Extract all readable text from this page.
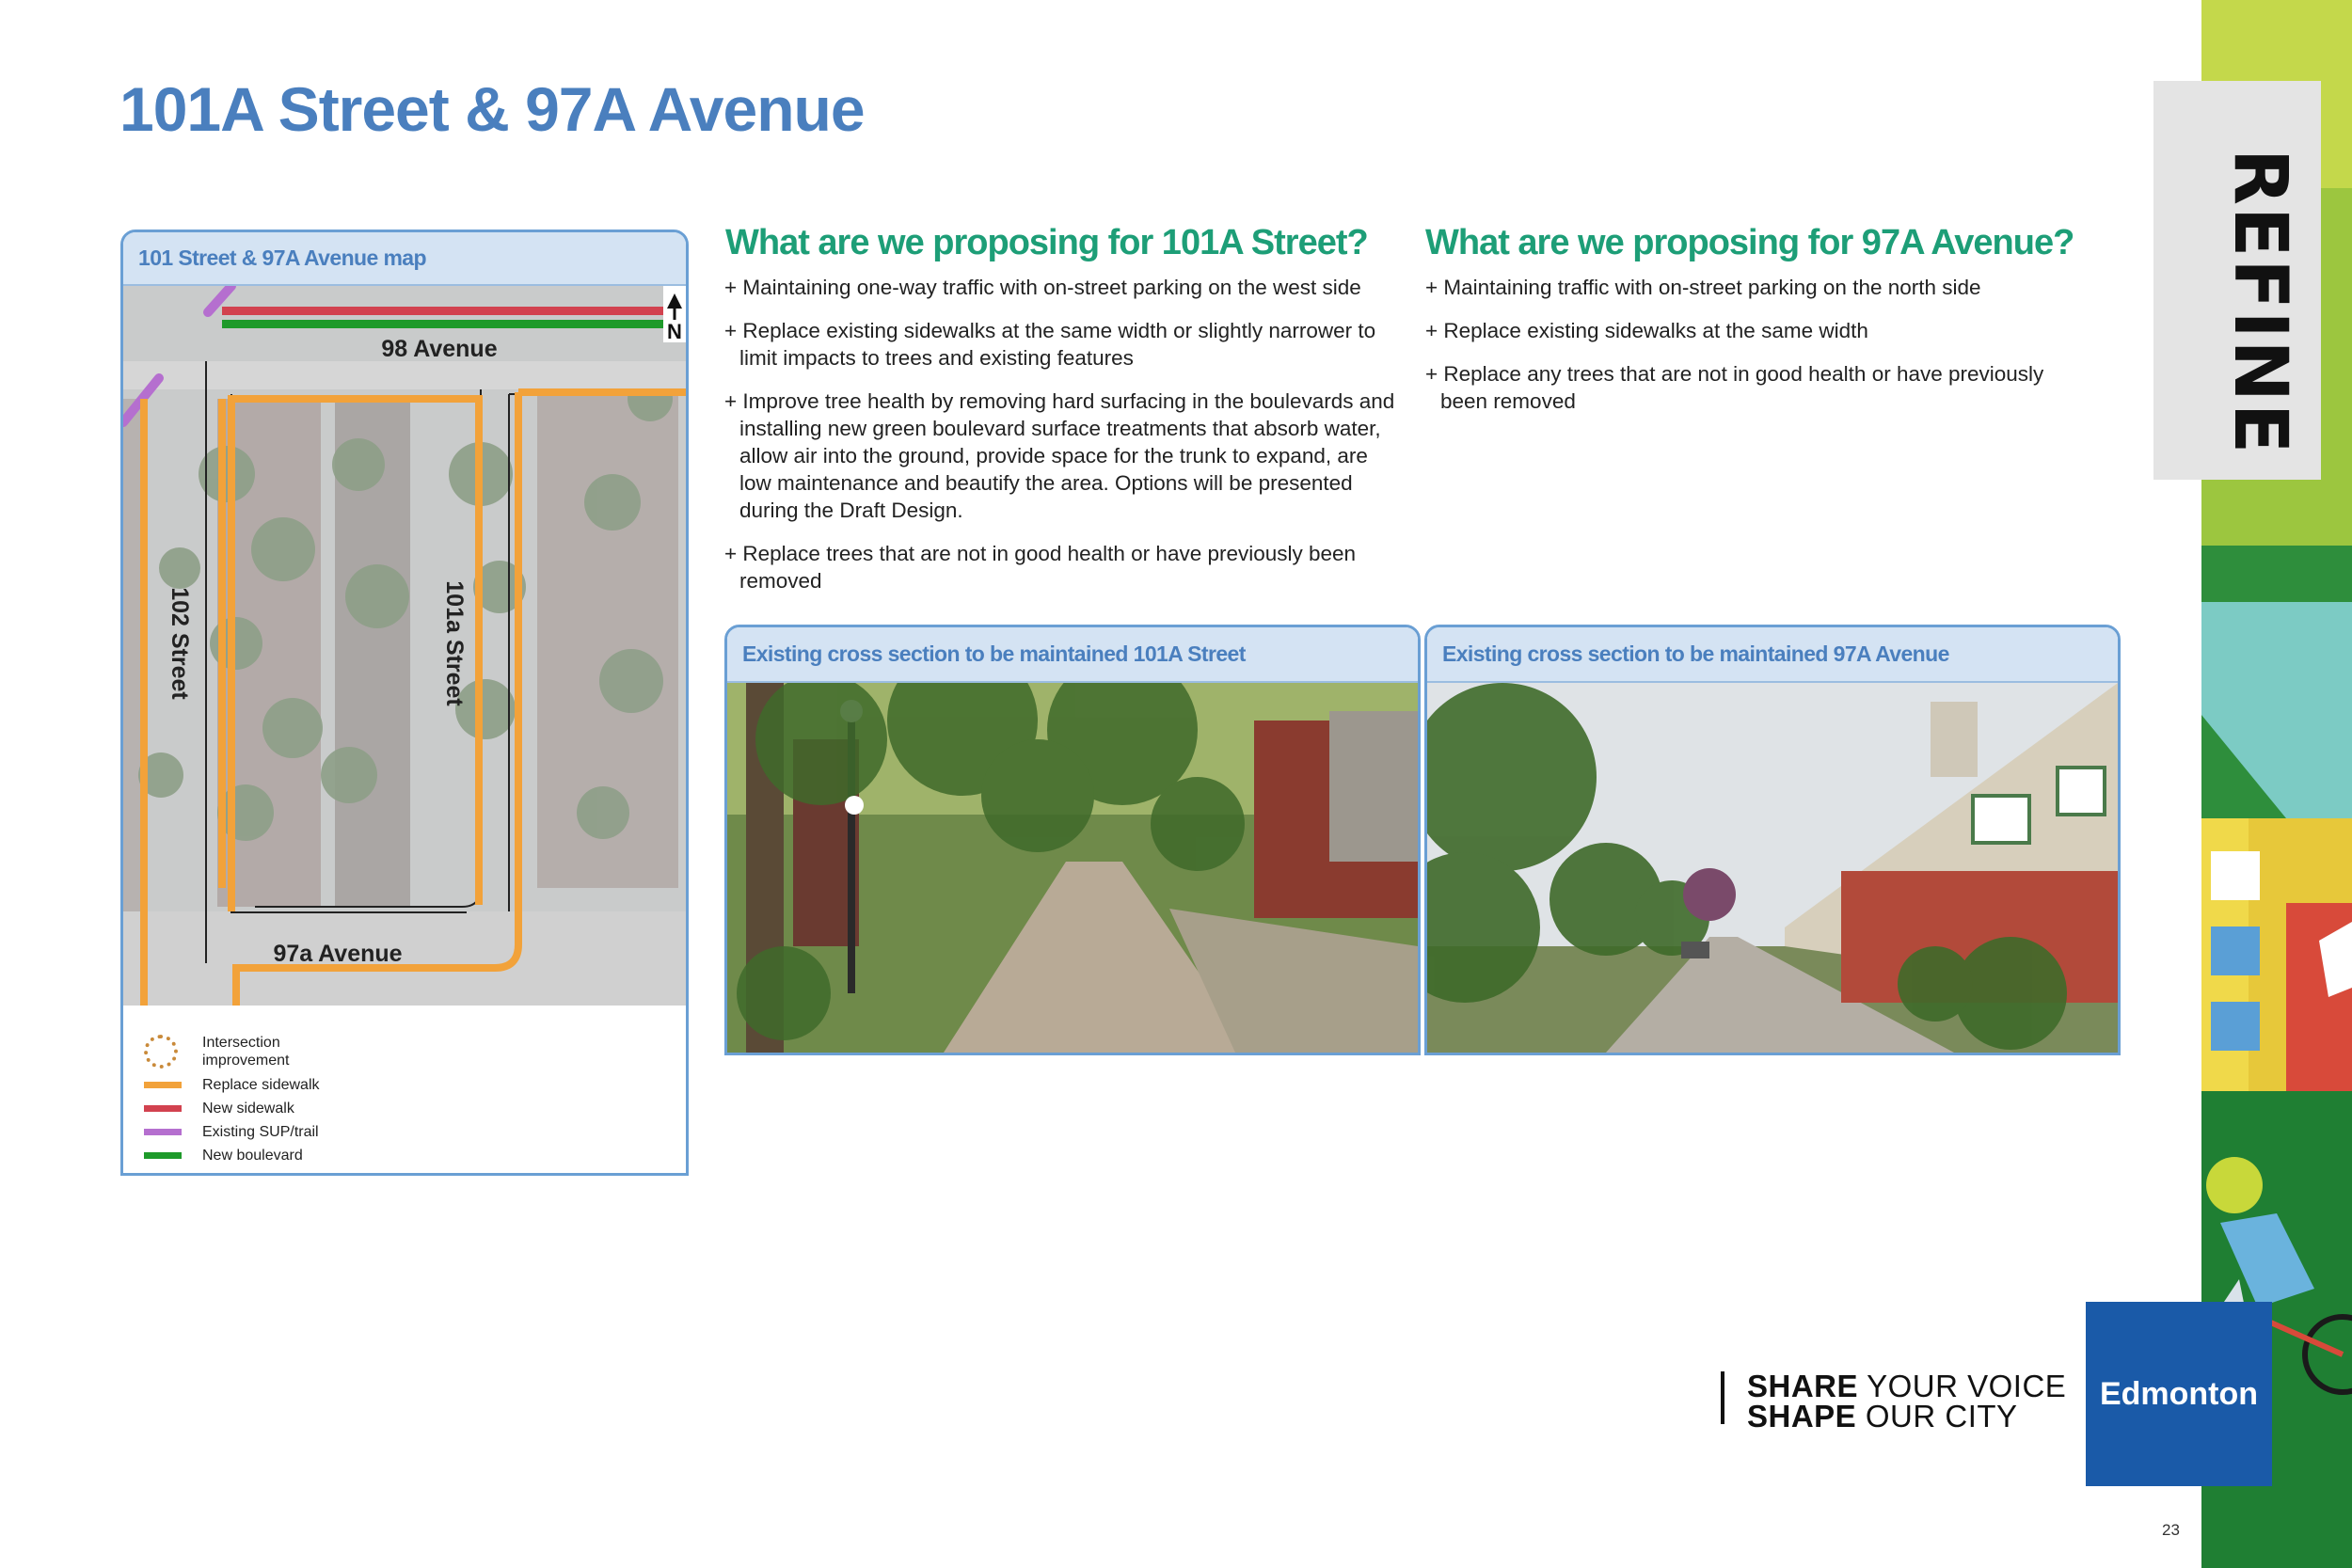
101A Street & 97A Avenue
101 Street & 97A Avenue map
N
98 Avenue
97a Avenue
102 Street	101a Street
Intersection improvement
Replace sidewalk
New sidewalk
Existing SUP/trail
New boulevard
What are we proposing for 101A Street?

+ Maintaining one-way traffic with on-street parking on the west side

+ Replace existing sidewalks at the same width or slightly narrower to limit impacts to trees and existing features

+ Improve tree health by removing hard surfacing in the boulevards and installing new green boulevard surface treatments that absorb water, allow air into the ground, provide space for the trunk to expand, are low maintenance and beautify the area. Options will be presented during the Draft Design.

+ Replace trees that are not in good health or have previously been removed

What are we proposing for 97A Avenue?

+ Maintaining traffic with on-street parking on the north side

+ Replace existing sidewalks at the same width

+ Replace any trees that are not in good health or have previously been removed

Existing cross section to be maintained 101A Street	Existing cross section to be maintained 97A Avenue
REFINE
SHARE YOUR VOICE
SHAPE OUR CITY
Edmonton
23
